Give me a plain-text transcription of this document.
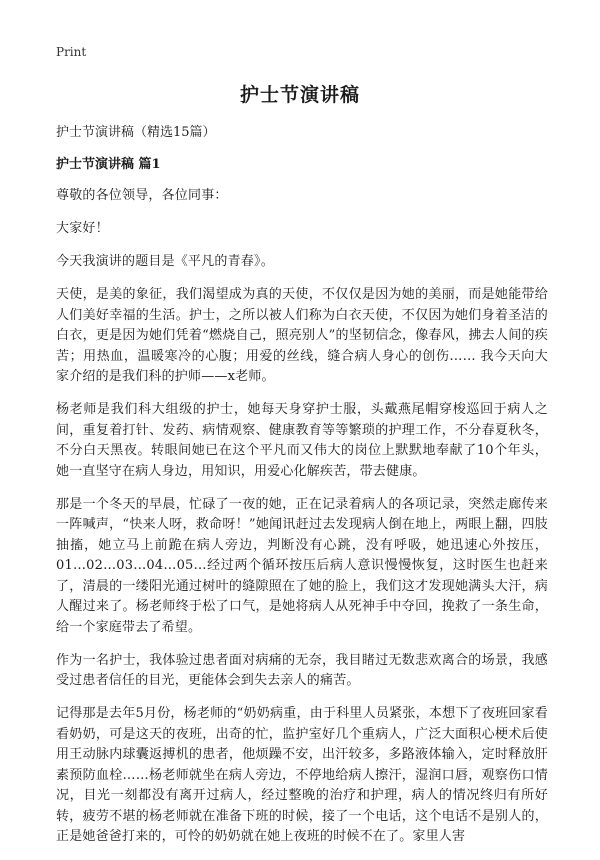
Print
护士节演讲稿

护士节演讲稿（精选15篇）

护士节演讲稿 篇1

尊敬的各位领导，各位同事：

大家好！

今天我演讲的题目是《平凡的青春》。

天使，是美的象征，我们渴望成为真的天使，不仅仅是因为她的美丽，而是她能带给人们美好幸福的生活。护士，之所以被人们称为白衣天使，不仅因为她们身着圣洁的白衣，更是因为她们凭着“燃烧自己，照亮别人”的坚韧信念，像春风，拂去人间的疾苦；用热血，温暖寒冷的心腹；用爱的丝线，缝合病人身心的创伤…… 我今天向大家介绍的是我们科的护师——x老师。

杨老师是我们科大组级的护士，她每天身穿护士服，头戴燕尾帽穿梭巡回于病人之间，重复着打针、发药、病情观察、健康教育等等繁琐的护理工作，不分春夏秋冬，不分白天黑夜。转眼间她已在这个平凡而又伟大的岗位上默默地奉献了10个年头，她一直坚守在病人身边，用知识，用爱心化解疾苦，带去健康。

那是一个冬天的早晨，忙碌了一夜的她，正在记录着病人的各项记录，突然走廊传来一阵喊声，“快来人呀，救命呀！”她闻讯赶过去发现病人倒在地上，两眼上翻，四肢抽搐，她立马上前跪在病人旁边，判断没有心跳，没有呼吸，她迅速心外按压，01…02…03…04…05…经过两个循环按压后病人意识慢慢恢复，这时医生也赶来了，清晨的一缕阳光通过树叶的缝隙照在了她的脸上，我们这才发现她满头大汗，病人醒过来了。杨老师终于松了口气，是她将病人从死神手中夺回，挽救了一条生命，给一个家庭带去了希望。

作为一名护士，我体验过患者面对病痛的无奈，我目睹过无数悲欢离合的场景，我感受过患者信任的目光，更能体会到失去亲人的痛苦。

记得那是去年5月份，杨老师的“奶奶病重，由于科里人员紧张，本想下了夜班回家看看奶奶，可是这天的夜班，出奇的忙，监护室好几个重病人，广泛大面积心梗术后使用王动脉内球囊返搏机的患者，他烦躁不安，出汗较多，多路液体输入，定时释放肝素预防血栓……杨老师就坐在病人旁边，不停地给病人擦汗，湿润口唇，观察伤口情况，目光一刻都没有离开过病人，经过整晚的治疗和护理，病人的情况终归有所好转，疲劳不堪的杨老师就在准备下班的时候，接了一个电话，这个电话不是别人的，正是她爸爸打来的，可怜的奶奶就在她上夜班的时候不在了。家里人害
